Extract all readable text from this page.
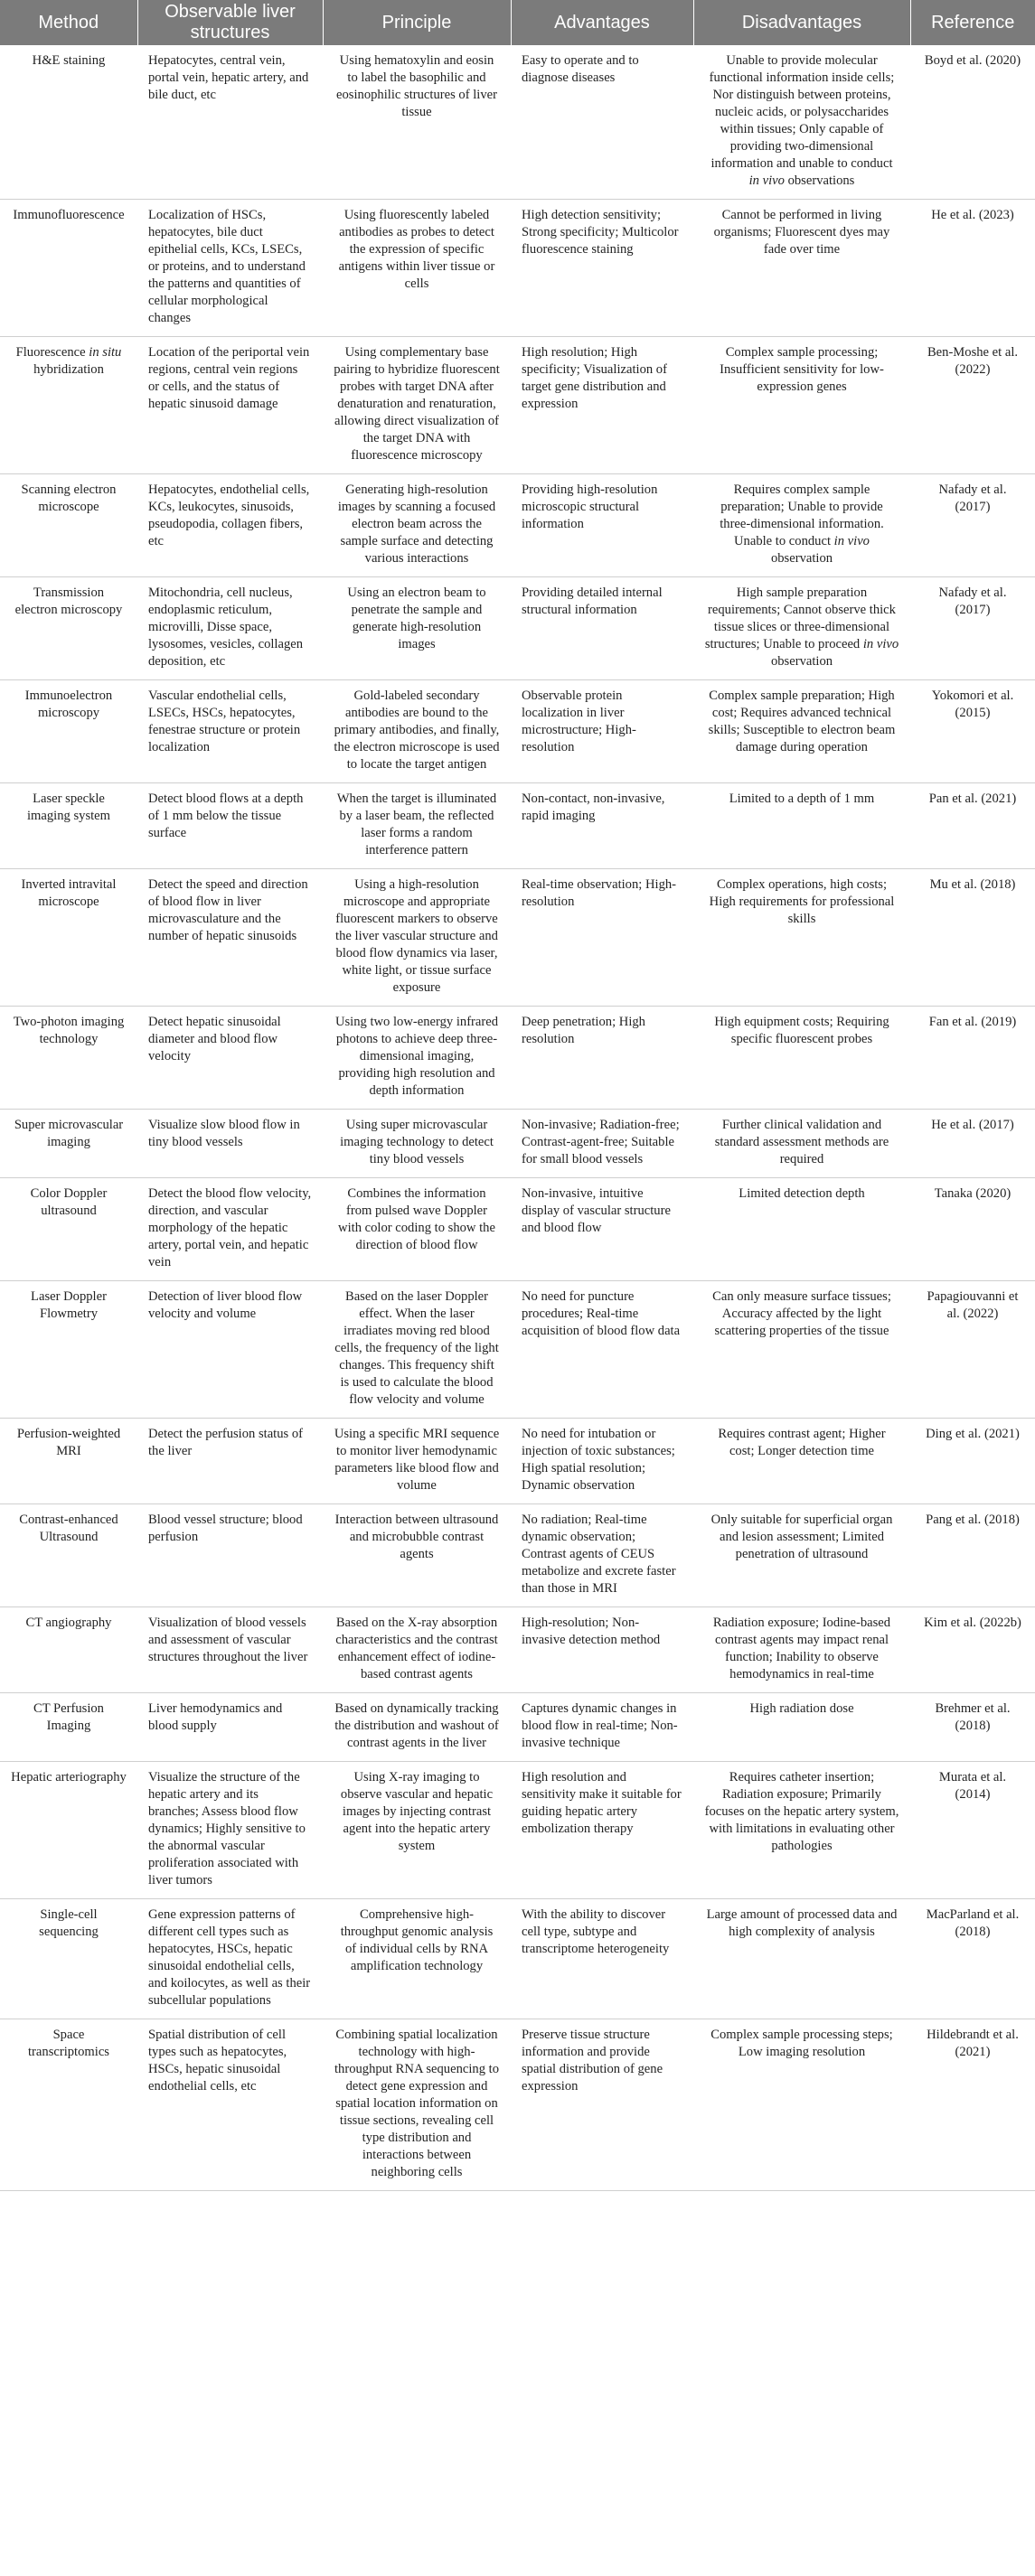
Method	Observable liver structures	Principle	Advantages	Disadvantages	Reference
H&E staining	Hepatocytes, central vein, portal vein, hepatic artery, and bile duct, etc	Using hematoxylin and eosin to label the basophilic and eosinophilic structures of liver tissue	Easy to operate and to diagnose diseases	Unable to provide molecular functional information inside cells; Nor distinguish between proteins, nucleic acids, or polysaccharides within tissues; Only capable of providing two-dimensional information and unable to conduct in vivo observations	Boyd et al. (2020)
Immunofluorescence	Localization of HSCs, hepatocytes, bile duct epithelial cells, KCs, LSECs, or proteins, and to understand the patterns and quantities of cellular morphological changes	Using fluorescently labeled antibodies as probes to detect the expression of specific antigens within liver tissue or cells	High detection sensitivity; Strong specificity; Multicolor fluorescence staining	Cannot be performed in living organisms; Fluorescent dyes may fade over time	He et al. (2023)
Fluorescence in situ hybridization	Location of the periportal vein regions, central vein regions or cells, and the status of hepatic sinusoid damage	Using complementary base pairing to hybridize fluorescent probes with target DNA after denaturation and renaturation, allowing direct visualization of the target DNA with fluorescence microscopy	High resolution; High specificity; Visualization of target gene distribution and expression	Complex sample processing; Insufficient sensitivity for low-expression genes	Ben-Moshe et al. (2022)
Scanning electron microscope	Hepatocytes, endothelial cells, KCs, leukocytes, sinusoids, pseudopodia, collagen fibers, etc	Generating high-resolution images by scanning a focused electron beam across the sample surface and detecting various interactions	Providing high-resolution microscopic structural information	Requires complex sample preparation; Unable to provide three-dimensional information. Unable to conduct in vivo observation	Nafady et al. (2017)
Transmission electron microscopy	Mitochondria, cell nucleus, endoplasmic reticulum, microvilli, Disse space, lysosomes, vesicles, collagen deposition, etc	Using an electron beam to penetrate the sample and generate high-resolution images	Providing detailed internal structural information	High sample preparation requirements; Cannot observe thick tissue slices or three-dimensional structures; Unable to proceed in vivo observation	Nafady et al. (2017)
Immunoelectron microscopy	Vascular endothelial cells, LSECs, HSCs, hepatocytes, fenestrae structure or protein localization	Gold-labeled secondary antibodies are bound to the primary antibodies, and finally, the electron microscope is used to locate the target antigen	Observable protein localization in liver microstructure; High-resolution	Complex sample preparation; High cost; Requires advanced technical skills; Susceptible to electron beam damage during operation	Yokomori et al. (2015)
Laser speckle imaging system	Detect blood flows at a depth of 1 mm below the tissue surface	When the target is illuminated by a laser beam, the reflected laser forms a random interference pattern	Non-contact, non-invasive, rapid imaging	Limited to a depth of 1 mm	Pan et al. (2021)
Inverted intravital microscope	Detect the speed and direction of blood flow in liver microvasculature and the number of hepatic sinusoids	Using a high-resolution microscope and appropriate fluorescent markers to observe the liver vascular structure and blood flow dynamics via laser, white light, or tissue surface exposure	Real-time observation; High-resolution	Complex operations, high costs; High requirements for professional skills	Mu et al. (2018)
Two-photon imaging technology	Detect hepatic sinusoidal diameter and blood flow velocity	Using two low-energy infrared photons to achieve deep three-dimensional imaging, providing high resolution and depth information	Deep penetration; High resolution	High equipment costs; Requiring specific fluorescent probes	Fan et al. (2019)
Super microvascular imaging	Visualize slow blood flow in tiny blood vessels	Using super microvascular imaging technology to detect tiny blood vessels	Non-invasive; Radiation-free; Contrast-agent-free; Suitable for small blood vessels	Further clinical validation and standard assessment methods are required	He et al. (2017)
Color Doppler ultrasound	Detect the blood flow velocity, direction, and vascular morphology of the hepatic artery, portal vein, and hepatic vein	Combines the information from pulsed wave Doppler with color coding to show the direction of blood flow	Non-invasive, intuitive display of vascular structure and blood flow	Limited detection depth	Tanaka (2020)
Laser Doppler Flowmetry	Detection of liver blood flow velocity and volume	Based on the laser Doppler effect. When the laser irradiates moving red blood cells, the frequency of the light changes. This frequency shift is used to calculate the blood flow velocity and volume	No need for puncture procedures; Real-time acquisition of blood flow data	Can only measure surface tissues; Accuracy affected by the light scattering properties of the tissue	Papagiouvanni et al. (2022)
Perfusion-weighted MRI	Detect the perfusion status of the liver	Using a specific MRI sequence to monitor liver hemodynamic parameters like blood flow and volume	No need for intubation or injection of toxic substances; High spatial resolution; Dynamic observation	Requires contrast agent; Higher cost; Longer detection time	Ding et al. (2021)
Contrast-enhanced Ultrasound	Blood vessel structure; blood perfusion	Interaction between ultrasound and microbubble contrast agents	No radiation; Real-time dynamic observation; Contrast agents of CEUS metabolize and excrete faster than those in MRI	Only suitable for superficial organ and lesion assessment; Limited penetration of ultrasound	Pang et al. (2018)
CT angiography	Visualization of blood vessels and assessment of vascular structures throughout the liver	Based on the X-ray absorption characteristics and the contrast enhancement effect of iodine-based contrast agents	High-resolution; Non-invasive detection method	Radiation exposure; Iodine-based contrast agents may impact renal function; Inability to observe hemodynamics in real-time	Kim et al. (2022b)
CT Perfusion Imaging	Liver hemodynamics and blood supply	Based on dynamically tracking the distribution and washout of contrast agents in the liver	Captures dynamic changes in blood flow in real-time; Non-invasive technique	High radiation dose	Brehmer et al. (2018)
Hepatic arteriography	Visualize the structure of the hepatic artery and its branches; Assess blood flow dynamics; Highly sensitive to the abnormal vascular proliferation associated with liver tumors	Using X-ray imaging to observe vascular and hepatic images by injecting contrast agent into the hepatic artery system	High resolution and sensitivity make it suitable for guiding hepatic artery embolization therapy	Requires catheter insertion; Radiation exposure; Primarily focuses on the hepatic artery system, with limitations in evaluating other pathologies	Murata et al. (2014)
Single-cell sequencing	Gene expression patterns of different cell types such as hepatocytes, HSCs, hepatic sinusoidal endothelial cells, and koilocytes, as well as their subcellular populations	Comprehensive high-throughput genomic analysis of individual cells by RNA amplification technology	With the ability to discover cell type, subtype and transcriptome heterogeneity	Large amount of processed data and high complexity of analysis	MacParland et al. (2018)
Space transcriptomics	Spatial distribution of cell types such as hepatocytes, HSCs, hepatic sinusoidal endothelial cells, etc	Combining spatial localization technology with high-throughput RNA sequencing to detect gene expression and spatial location information on tissue sections, revealing cell type distribution and interactions between neighboring cells	Preserve tissue structure information and provide spatial distribution of gene expression	Complex sample processing steps; Low imaging resolution	Hildebrandt et al. (2021)
